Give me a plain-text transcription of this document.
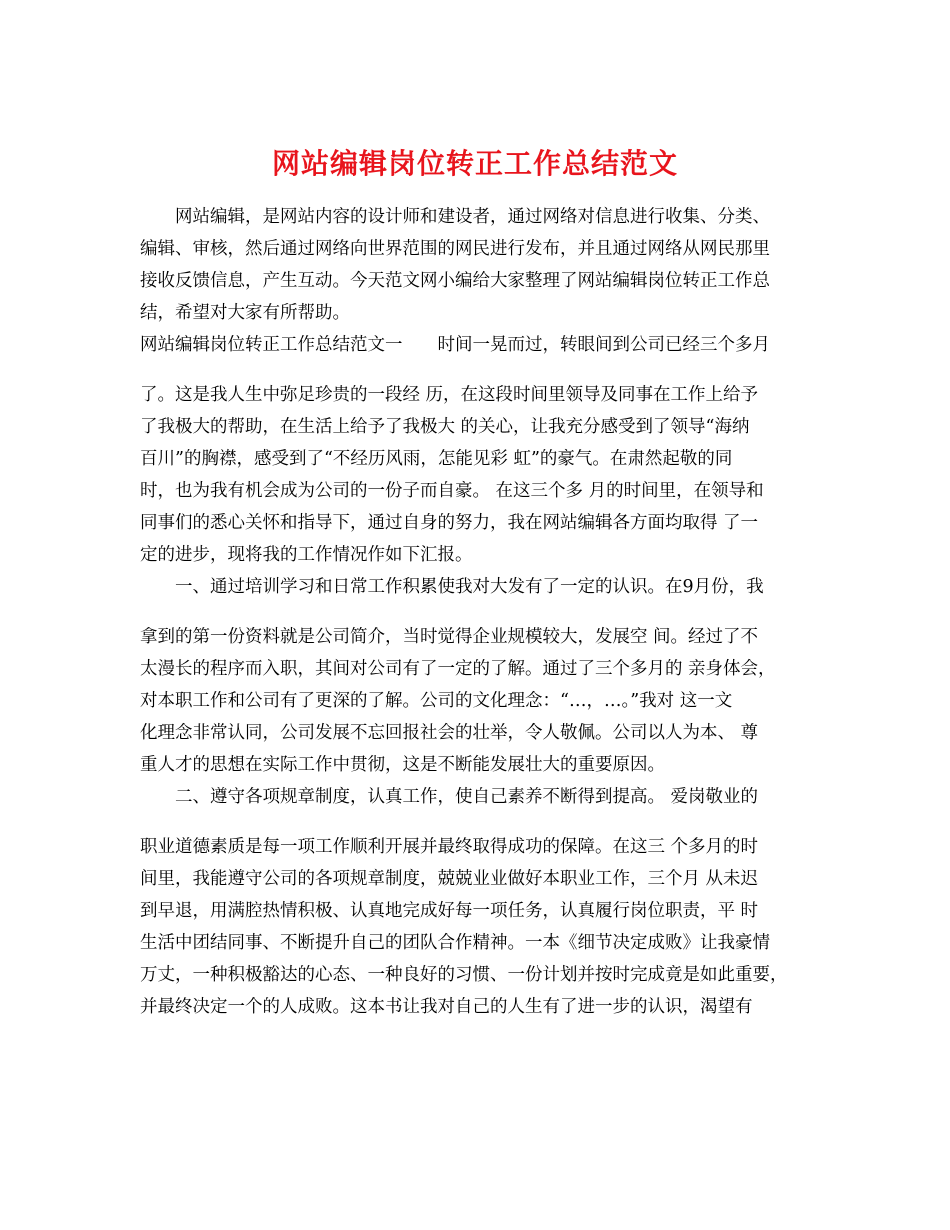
网站编辑岗位转正工作总结范文
　　网站编辑，是网站内容的设计师和建设者，通过网络对信息进行收集、分类、
编辑、审核，然后通过网络向世界范围的网民进行发布，并且通过网络从网民那里
接收反馈信息，产生互动。今天范文网小编给大家整理了网站编辑岗位转正工作总
结，希望对大家有所帮助。
网站编辑岗位转正工作总结范文一　　时间一晃而过，转眼间到公司已经三个多月
了。这是我人生中弥足珍贵的一段经 历，在这段时间里领导及同事在工作上给予
了我极大的帮助，在生活上给予了我极大 的关心，让我充分感受到了领导“海纳
百川”的胸襟，感受到了“不经历风雨，怎能见彩 虹”的豪气。在肃然起敬的同
时，也为我有机会成为公司的一份子而自豪。 在这三个多 月的时间里，在领导和
同事们的悉心关怀和指导下，通过自身的努力，我在网站编辑各方面均取得 了一
定的进步，现将我的工作情况作如下汇报。
　　一、通过培训学习和日常工作积累使我对大发有了一定的认识。在9月份，我
拿到的第一份资料就是公司简介，当时觉得企业规模较大，发展空 间。经过了不
太漫长的程序而入职，其间对公司有了一定的了解。通过了三个多月的 亲身体会，
对本职工作和公司有了更深的了解。公司的文化理念：“…，…。”我对 这一文
化理念非常认同，公司发展不忘回报社会的壮举，令人敬佩。公司以人为本、 尊
重人才的思想在实际工作中贯彻，这是不断能发展壮大的重要原因。
　　二、遵守各项规章制度，认真工作，使自己素养不断得到提高。 爱岗敬业的
职业道德素质是每一项工作顺利开展并最终取得成功的保障。在这三 个多月的时
间里，我能遵守公司的各项规章制度，兢兢业业做好本职业工作，三个月 从未迟
到早退，用满腔热情积极、认真地完成好每一项任务，认真履行岗位职责，平 时
生活中团结同事、不断提升自己的团队合作精神。一本《细节决定成败》让我豪情
万丈，一种积极豁达的心态、一种良好的习惯、一份计划并按时完成竟是如此重要，
并最终决定一个的人成败。这本书让我对自己的人生有了进一步的认识，渴望有
